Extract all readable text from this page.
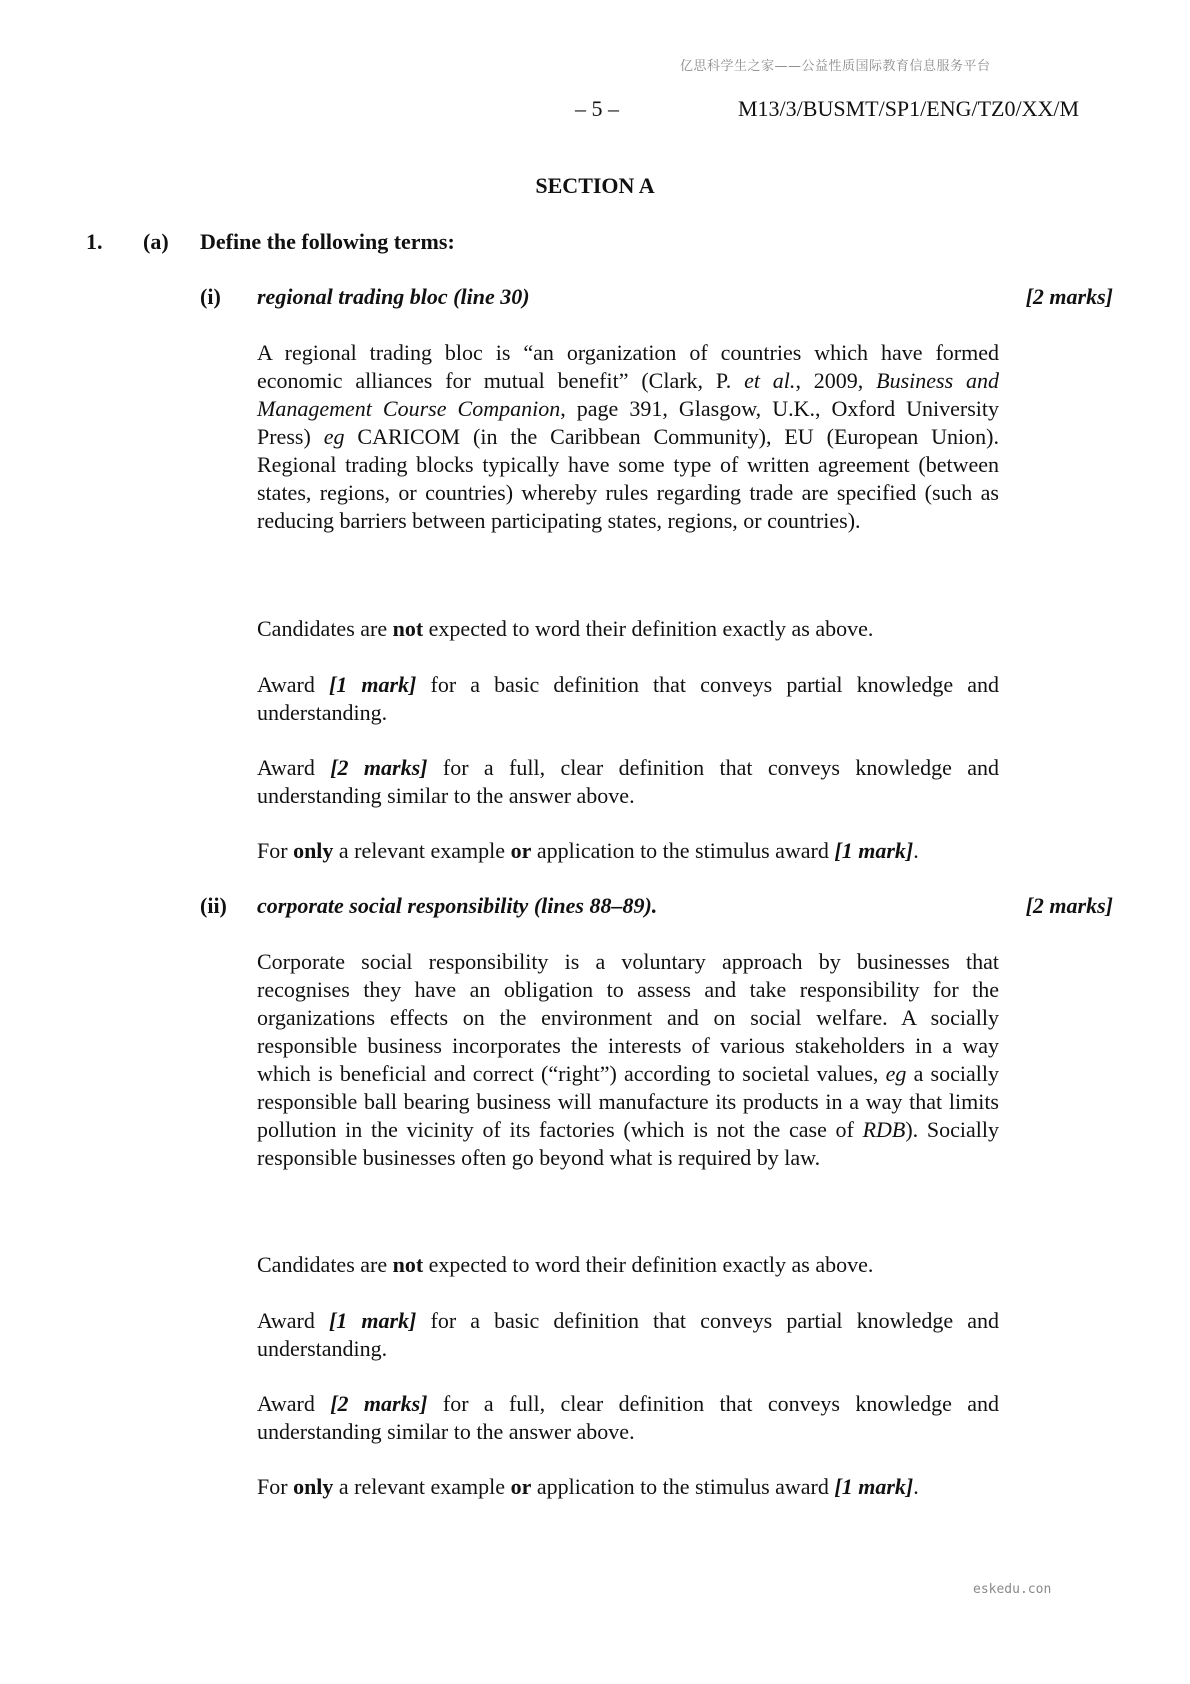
亿思科学生之家——公益性质国际教育信息服务平台
– 5 –	M13/3/BUSMT/SP1/ENG/TZ0/XX/M
SECTION A
1. (a) Define the following terms:
(i) regional trading bloc (line 30)	[2 marks]

A regional trading bloc is “an organization of countries which have formed economic alliances for mutual benefit” (Clark, P. et al., 2009, Business and Management Course Companion, page 391, Glasgow, U.K., Oxford University Press) eg CARICOM (in the Caribbean Community), EU (European Union). Regional trading blocks typically have some type of written agreement (between states, regions, or countries) whereby rules regarding trade are specified (such as reducing barriers between participating states, regions, or countries).

Candidates are not expected to word their definition exactly as above.

Award [1 mark] for a basic definition that conveys partial knowledge and understanding.

Award [2 marks] for a full, clear definition that conveys knowledge and understanding similar to the answer above.

For only a relevant example or application to the stimulus award [1 mark].

(ii) corporate social responsibility (lines 88–89).	[2 marks]

Corporate social responsibility is a voluntary approach by businesses that recognises they have an obligation to assess and take responsibility for the organizations effects on the environment and on social welfare. A socially responsible business incorporates the interests of various stakeholders in a way which is beneficial and correct (“right”) according to societal values, eg a socially responsible ball bearing business will manufacture its products in a way that limits pollution in the vicinity of its factories (which is not the case of RDB). Socially responsible businesses often go beyond what is required by law.

Candidates are not expected to word their definition exactly as above.

Award [1 mark] for a basic definition that conveys partial knowledge and understanding.

Award [2 marks] for a full, clear definition that conveys knowledge and understanding similar to the answer above.

For only a relevant example or application to the stimulus award [1 mark].

eskedu.con
